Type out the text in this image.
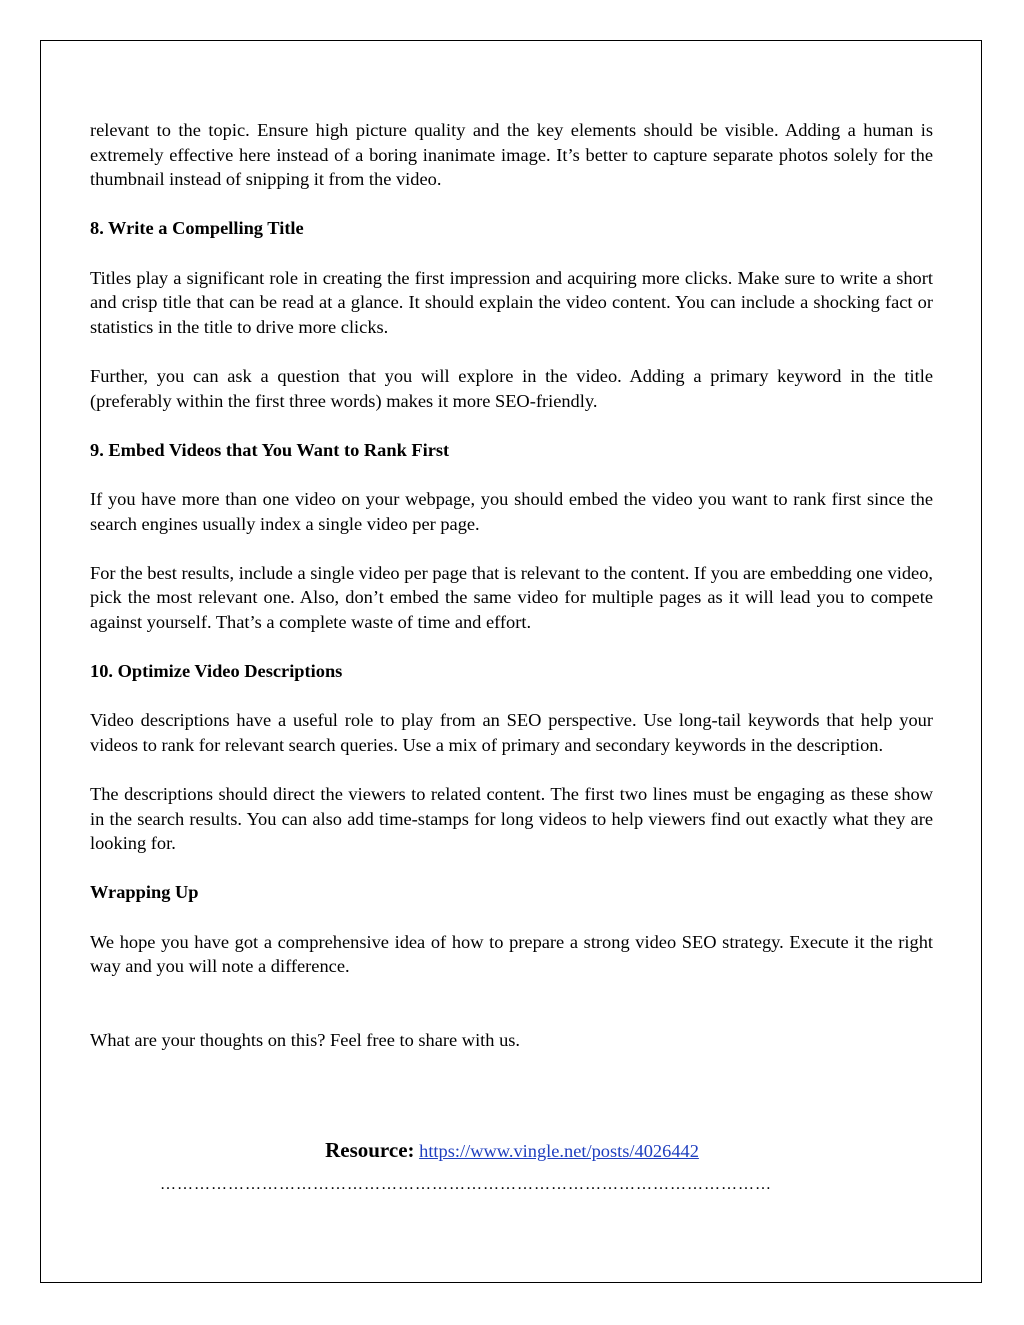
relevant to the topic. Ensure high picture quality and the key elements should be visible. Adding a human is extremely effective here instead of a boring inanimate image. It’s better to capture separate photos solely for the thumbnail instead of snipping it from the video.

8. Write a Compelling Title

Titles play a significant role in creating the first impression and acquiring more clicks. Make sure to write a short and crisp title that can be read at a glance. It should explain the video content. You can include a shocking fact or statistics in the title to drive more clicks.

Further, you can ask a question that you will explore in the video. Adding a primary keyword in the title (preferably within the first three words) makes it more SEO-friendly.

9. Embed Videos that You Want to Rank First

If you have more than one video on your webpage, you should embed the video you want to rank first since the search engines usually index a single video per page.

For the best results, include a single video per page that is relevant to the content. If you are embedding one video, pick the most relevant one. Also, don’t embed the same video for multiple pages as it will lead you to compete against yourself. That’s a complete waste of time and effort.

10. Optimize Video Descriptions

Video descriptions have a useful role to play from an SEO perspective. Use long-tail keywords that help your videos to rank for relevant search queries. Use a mix of primary and secondary keywords in the description.

The descriptions should direct the viewers to related content. The first two lines must be engaging as these show in the search results. You can also add time-stamps for long videos to help viewers find out exactly what they are looking for.

Wrapping Up

We hope you have got a comprehensive idea of how to prepare a strong video SEO strategy. Execute it the right way and you will note a difference.

What are your thoughts on this? Feel free to share with us.

Resource: https://www.vingle.net/posts/4026442
………………………………………………………………………………………………
